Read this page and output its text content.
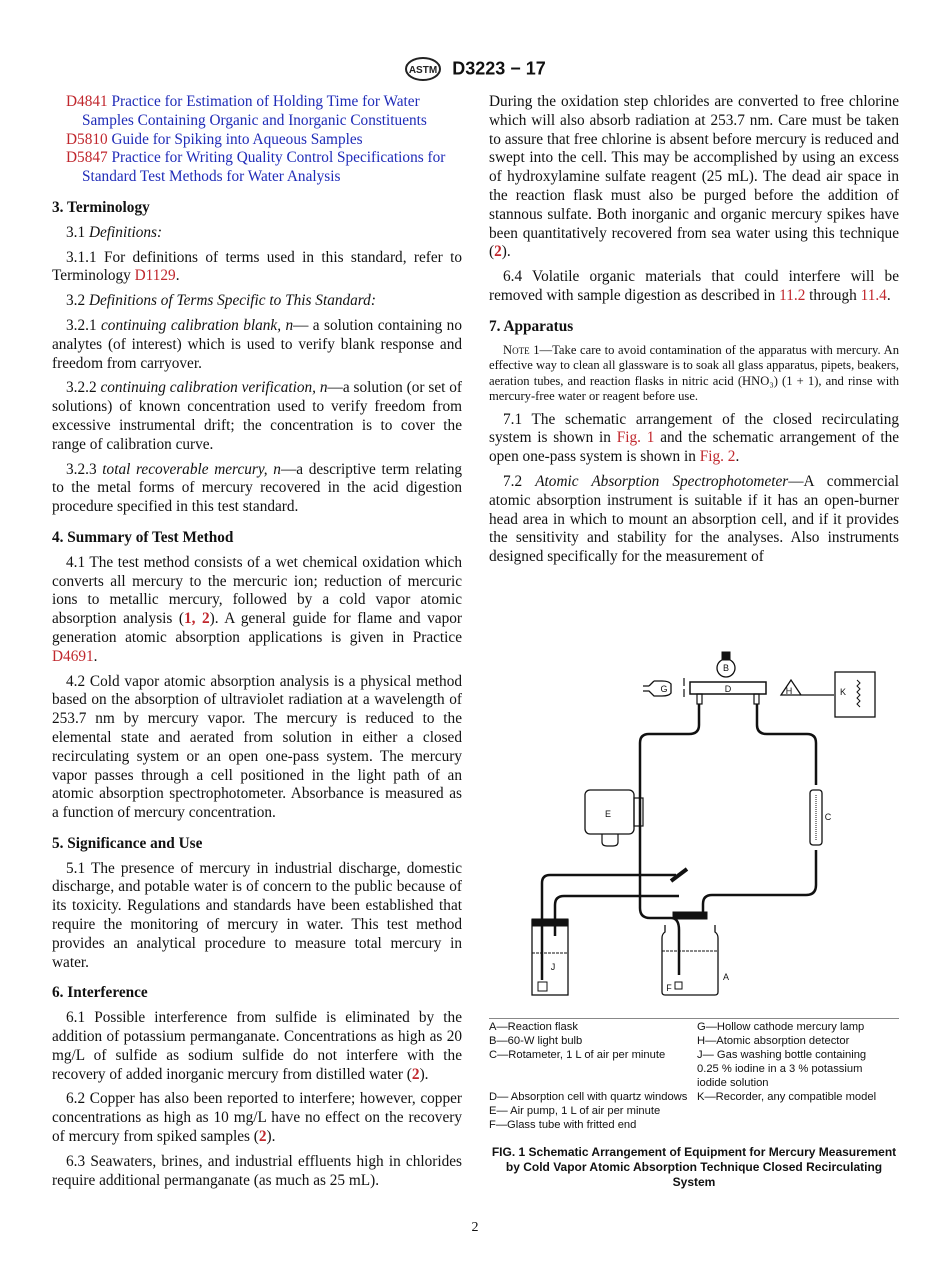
ASTM D3223 − 17

D4841 Practice for Estimation of Holding Time for Water Samples Containing Organic and Inorganic Constituents

D5810 Guide for Spiking into Aqueous Samples

D5847 Practice for Writing Quality Control Specifications for Standard Test Methods for Water Analysis

3. Terminology

3.1 Definitions:

3.1.1 For definitions of terms used in this standard, refer to Terminology D1129.

3.2 Definitions of Terms Specific to This Standard:

3.2.1 continuing calibration blank, n— a solution containing no analytes (of interest) which is used to verify blank response and freedom from carryover.

3.2.2 continuing calibration verification, n—a solution (or set of solutions) of known concentration used to verify freedom from excessive instrumental drift; the concentration is to cover the range of calibration curve.

3.2.3 total recoverable mercury, n—a descriptive term relating to the metal forms of mercury recovered in the acid digestion procedure specified in this test standard.

4. Summary of Test Method

4.1 The test method consists of a wet chemical oxidation which converts all mercury to the mercuric ion; reduction of mercuric ions to metallic mercury, followed by a cold vapor atomic absorption analysis (1, 2). A general guide for flame and vapor generation atomic absorption applications is given in Practice D4691.

4.2 Cold vapor atomic absorption analysis is a physical method based on the absorption of ultraviolet radiation at a wavelength of 253.7 nm by mercury vapor. The mercury is reduced to the elemental state and aerated from solution in either a closed recirculating system or an open one-pass system. The mercury vapor passes through a cell positioned in the light path of an atomic absorption spectrophotometer. Absorbance is measured as a function of mercury concentration.

5. Significance and Use

5.1 The presence of mercury in industrial discharge, domestic discharge, and potable water is of concern to the public because of its toxicity. Regulations and standards have been established that require the monitoring of mercury in water. This test method provides an analytical procedure to measure total mercury in water.

6. Interference

6.1 Possible interference from sulfide is eliminated by the addition of potassium permanganate. Concentrations as high as 20 mg/L of sulfide as sodium sulfide do not interfere with the recovery of added inorganic mercury from distilled water (2).

6.2 Copper has also been reported to interfere; however, copper concentrations as high as 10 mg/L have no effect on the recovery of mercury from spiked samples (2).

6.3 Seawaters, brines, and industrial effluents high in chlorides require additional permanganate (as much as 25 mL).

During the oxidation step chlorides are converted to free chlorine which will also absorb radiation at 253.7 nm. Care must be taken to assure that free chlorine is absent before mercury is reduced and swept into the cell. This may be accomplished by using an excess of hydroxylamine sulfate reagent (25 mL). The dead air space in the reaction flask must also be purged before the addition of stannous sulfate. Both inorganic and organic mercury spikes have been quantitatively recovered from sea water using this technique (2).

6.4 Volatile organic materials that could interfere will be removed with sample digestion as described in 11.2 through 11.4.

7. Apparatus

Note 1—Take care to avoid contamination of the apparatus with mercury. An effective way to clean all glassware is to soak all glass apparatus, pipets, beakers, aeration tubes, and reaction flasks in nitric acid (HNO₃) (1 + 1), and rinse with mercury-free water or reagent before use.

7.1 The schematic arrangement of the closed recirculating system is shown in Fig. 1 and the schematic arrangement of the open one-pass system is shown in Fig. 2.

7.2 Atomic Absorption Spectrophotometer—A commercial atomic absorption instrument is suitable if it has an open-burner head area in which to mount an absorption cell, and if it provides the sensitivity and stability for the analyses. Also instruments designed specifically for the measurement of

B
G	D	H	K
E	C
J
A
F
A—Reaction flask
B—60-W light bulb
C—Rotameter, 1 L of air per minute
D— Absorption cell with quartz windows
E— Air pump, 1 L of air per minute
F—Glass tube with fritted end
G—Hollow cathode mercury lamp
H—Atomic absorption detector
J— Gas washing bottle containing 0.25 % iodine in a 3 % potassium iodide solution
K—Recorder, any compatible model
FIG. 1 Schematic Arrangement of Equipment for Mercury Measurement by Cold Vapor Atomic Absorption Technique Closed Recirculating System
2
